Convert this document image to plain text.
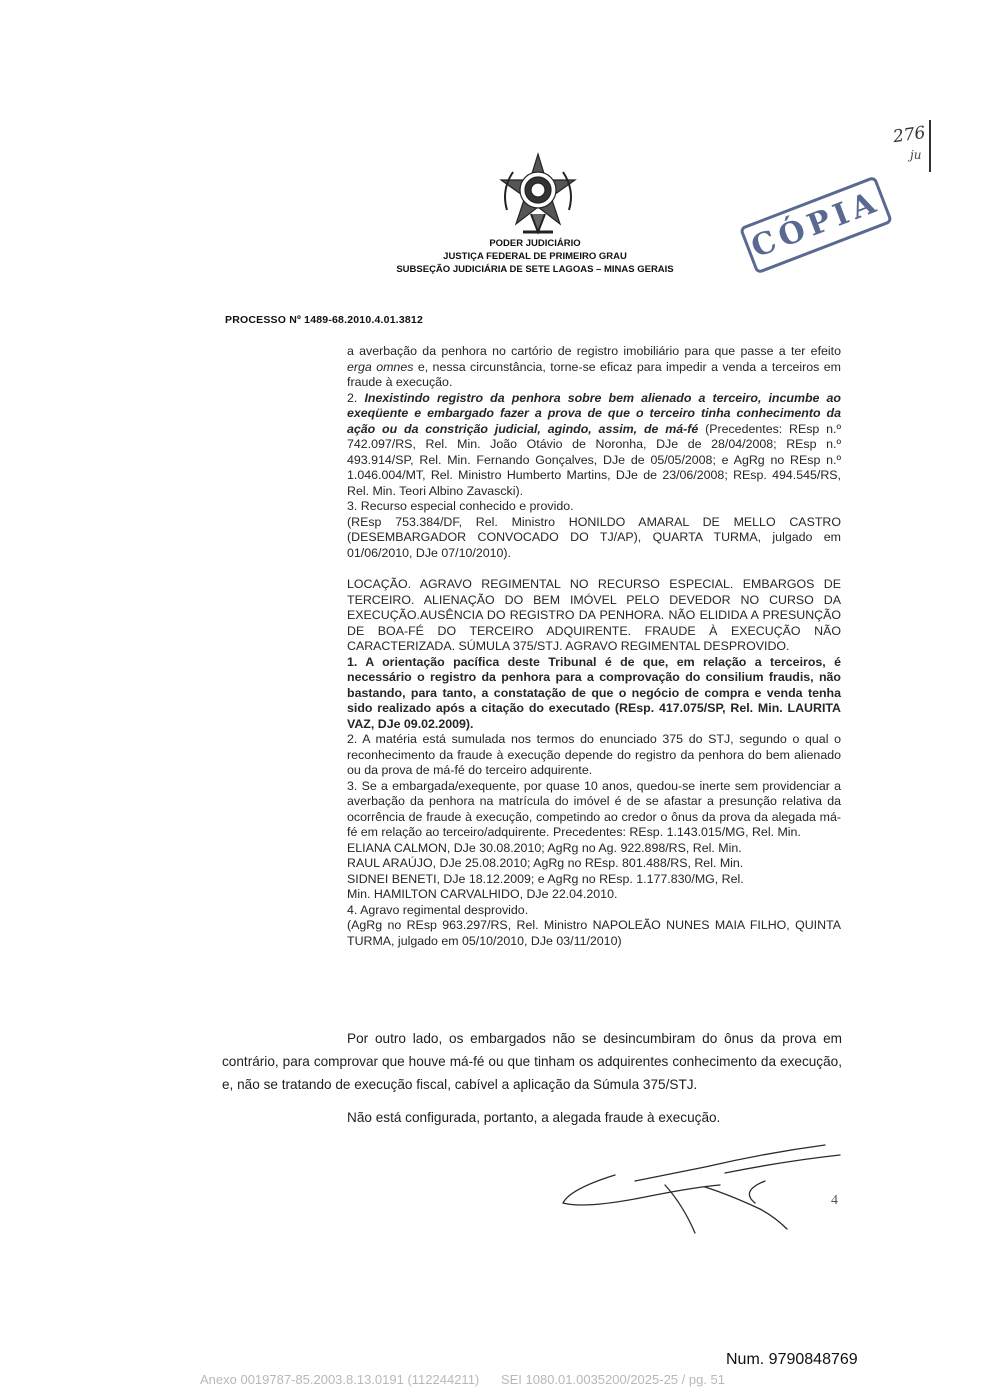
276
ju
PODER JUDICIÁRIO
JUSTIÇA FEDERAL DE PRIMEIRO GRAU
SUBSEÇÃO JUDICIÁRIA DE SETE LAGOAS – MINAS GERAIS
CÓPIA
PROCESSO Nº 1489-68.2010.4.01.3812

a averbação da penhora no cartório de registro imobiliário para que passe a ter efeito erga omnes e, nessa circunstância, torne-se eficaz para impedir a venda a terceiros em fraude à execução.

2. Inexistindo registro da penhora sobre bem alienado a terceiro, incumbe ao exeqüente e embargado fazer a prova de que o terceiro tinha conhecimento da ação ou da constrição judicial, agindo, assim, de má-fé (Precedentes: REsp n.º 742.097/RS, Rel. Min. João Otávio de Noronha, DJe de 28/04/2008; REsp n.º 493.914/SP, Rel. Min. Fernando Gonçalves, DJe de 05/05/2008; e AgRg no REsp n.º 1.046.004/MT, Rel. Ministro Humberto Martins, DJe de 23/06/2008; REsp. 494.545/RS, Rel. Min. Teori Albino Zavascki).

3. Recurso especial conhecido e provido.

(REsp 753.384/DF, Rel. Ministro HONILDO AMARAL DE MELLO CASTRO (DESEMBARGADOR CONVOCADO DO TJ/AP), QUARTA TURMA, julgado em 01/06/2010, DJe 07/10/2010).

LOCAÇÃO. AGRAVO REGIMENTAL NO RECURSO ESPECIAL. EMBARGOS DE TERCEIRO. ALIENAÇÃO DO BEM IMÓVEL PELO DEVEDOR NO CURSO DA EXECUÇÃO.AUSÊNCIA DO REGISTRO DA PENHORA. NÃO ELIDIDA A PRESUNÇÃO DE BOA-FÉ DO TERCEIRO ADQUIRENTE. FRAUDE À EXECUÇÃO NÃO CARACTERIZADA. SÚMULA 375/STJ. AGRAVO REGIMENTAL DESPROVIDO.

1. A orientação pacífica deste Tribunal é de que, em relação a terceiros, é necessário o registro da penhora para a comprovação do consilium fraudis, não bastando, para tanto, a constatação de que o negócio de compra e venda tenha sido realizado após a citação do executado (REsp. 417.075/SP, Rel. Min. LAURITA VAZ, DJe 09.02.2009).

2. A matéria está sumulada nos termos do enunciado 375 do STJ, segundo o qual o reconhecimento da fraude à execução depende do registro da penhora do bem alienado ou da prova de má-fé do terceiro adquirente.

3. Se a embargada/exequente, por quase 10 anos, quedou-se inerte sem providenciar a averbação da penhora na matrícula do imóvel é de se afastar a presunção relativa da ocorrência de fraude à execução, competindo ao credor o ônus da prova da alegada má-fé em relação ao terceiro/adquirente. Precedentes: REsp. 1.143.015/MG, Rel. Min.

ELIANA CALMON, DJe 30.08.2010; AgRg no Ag. 922.898/RS, Rel. Min.

RAUL ARAÚJO, DJe 25.08.2010; AgRg no REsp. 801.488/RS, Rel. Min.

SIDNEI BENETI, DJe 18.12.2009; e AgRg no REsp. 1.177.830/MG, Rel.

Min. HAMILTON CARVALHIDO, DJe 22.04.2010.

4. Agravo regimental desprovido.

(AgRg no REsp 963.297/RS, Rel. Ministro NAPOLEÃO NUNES MAIA FILHO, QUINTA TURMA, julgado em 05/10/2010, DJe 03/11/2010)

Por outro lado, os embargados não se desincumbiram do ônus da prova em contrário, para comprovar que houve má-fé ou que tinham os adquirentes conhecimento da execução, e, não se tratando de execução fiscal, cabível a aplicação da Súmula 375/STJ.

Não está configurada, portanto, a alegada fraude à execução.

4
Num. 9790848769
Anexo 0019787-85.2003.8.13.0191 (112244211) SEI 1080.01.0035200/2025-25 / pg. 51
